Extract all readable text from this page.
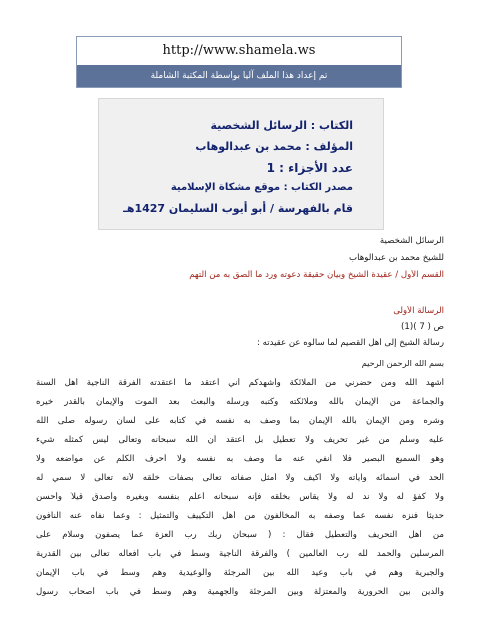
http://www.shamela.ws
تم إعداد هذا الملف آليا بواسطة المكتبة الشاملة
الكتاب : الرسائل الشخصية
المؤلف : محمد بن عبدالوهاب
عدد الأجزاء : 1
مصدر الكتاب : موقع مشكاة الإسلامية
قام بالفهرسة / أبو أيوب السليمان 1427هـ
الرسائل الشخصية
للشيخ محمد بن عبدالوهاب
القسم الأول / عقيدة الشيخ وبيان حقيقة دعوته ورد ما ألصق به من التهم
الرسالة الأولى
ص ( 7 )(1)
رسالة الشيخ إلى أهل القصيم لما سألوه عن عقيدته :
بسم الله الرحمن الرحيم
أشهد الله ومن حضرني من الملائكة وأشهدكم أني أعتقد ما اعتقدته الفرقة الناجية أهل السنة
والجماعة من الإيمان بالله وملائكته وكتبه ورسله والبعث بعد الموت والإيمان بالقدر خيره
وشره ومن الإيمان بالله الإيمان بما وصف به نفسه في كتابه على لسان رسوله صلى الله
عليه وسلم من غير تحريف ولا تعطيل بل أعتقد أن الله سبحانه وتعالى ليس كمثله شيء
وهو السميع البصير فلا أنفي عنه ما وصف به نفسه ولا أحرف الكلم عن مواضعه ولا
ألحد في أسمائه وآياته ولا أكيف ولا أمثل صفاته تعالى بصفات خلقه لأنه تعالى لا سمي له
ولا كفؤ له ولا ند له ولا يقاس بخلقه فإنه سبحانه أعلم بنفسه وبغيره وأصدق قيلاً وأحسن
حديثاً فنزه نفسه عما وصفه به المخالفون من أهل التكييف والتمثيل : وعما نفاه عنه النافون
من أهل التحريف والتعطيل فقال : ( سبحان ربك رب العزة عما يصفون وسلام على
المرسلين والحمد لله رب العالمين ) والفرقة الناجية وسط في باب أفعاله تعالى بين القدرية
والجبرية وهم في باب وعيد الله بين المرجئة والوعيدية وهم وسط في باب الإيمان
والدين بين الحرورية والمعتزلة وبين المرجئة والجهمية وهم وسط في باب أصحاب رسول
